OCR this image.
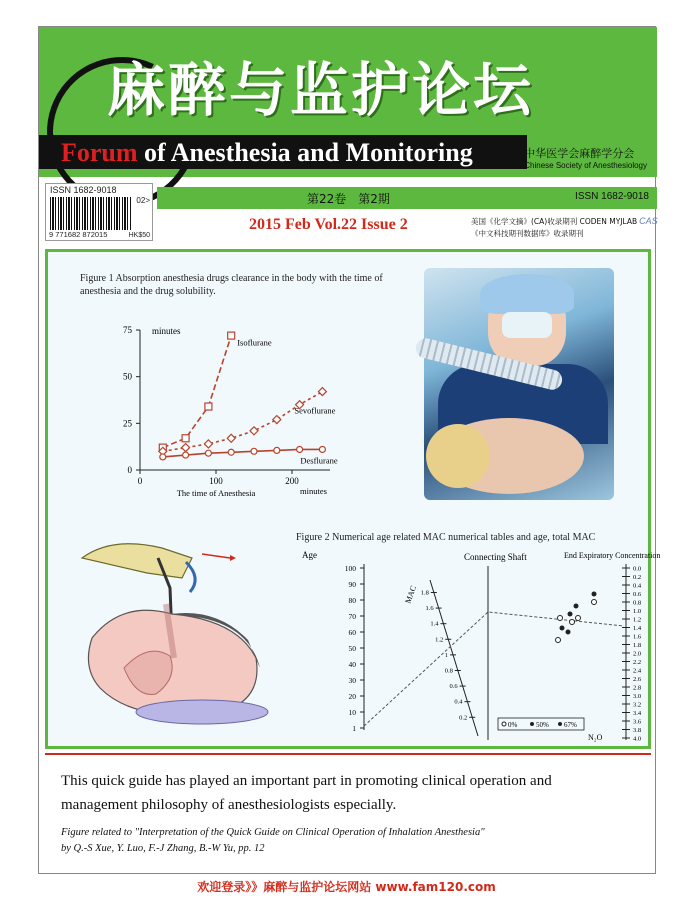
麻醉与监护论坛
Forum of Anesthesia and Monitoring	中华医学会麻醉学分会
Chinese Society of Anesthesiology
ISSN 1682-9018
02>
9 771682 872015	HK$50
第22卷　第2期	ISSN 1682-9018
2015 Feb Vol.22 Issue 2	美国《化学文摘》(CA)收录期刊 CODEN MYJLAB CAS
《中文科技期刊数据库》收录期刊
Figure 1 Absorption anesthesia drugs clearance in the body with the time of anesthesia and the drug solubility.
0
25
50
75
0	100	200
minutes
The time of Anesthesia	minutes
Isoflurane
Sevoflurane
Desflurane
Figure 2 Numerical age related MAC numerical tables and age, total MAC
Age
100
90
80
70
60
50
40
30
20
10
1
MAC 1.8
1.6
1.4
1.2
1
0.8
0.6
0.4
0.2
Connecting Shaft	End Expiratory Concentration
0.0
0.2
0.4
0.6
0.8
1.0
1.2
1.4
1.6
1.8
2.0
2.2
2.4
2.6
2.8
3.0
3.2
3.4
3.6
3.8
4.0
0%	50% 67%
N₂O
This quick guide has played an important part in promoting clinical operation and management philosophy of anesthesiologists especially.
Figure related to "Interpretation of the Quick Guide on Clinical Operation of Inhalation Anesthesia"
by Q.-S Xue, Y. Luo, F.-J Zhang, B.-W Yu, pp. 12
欢迎登录》》麻醉与监护论坛网站 www.fam120.com
